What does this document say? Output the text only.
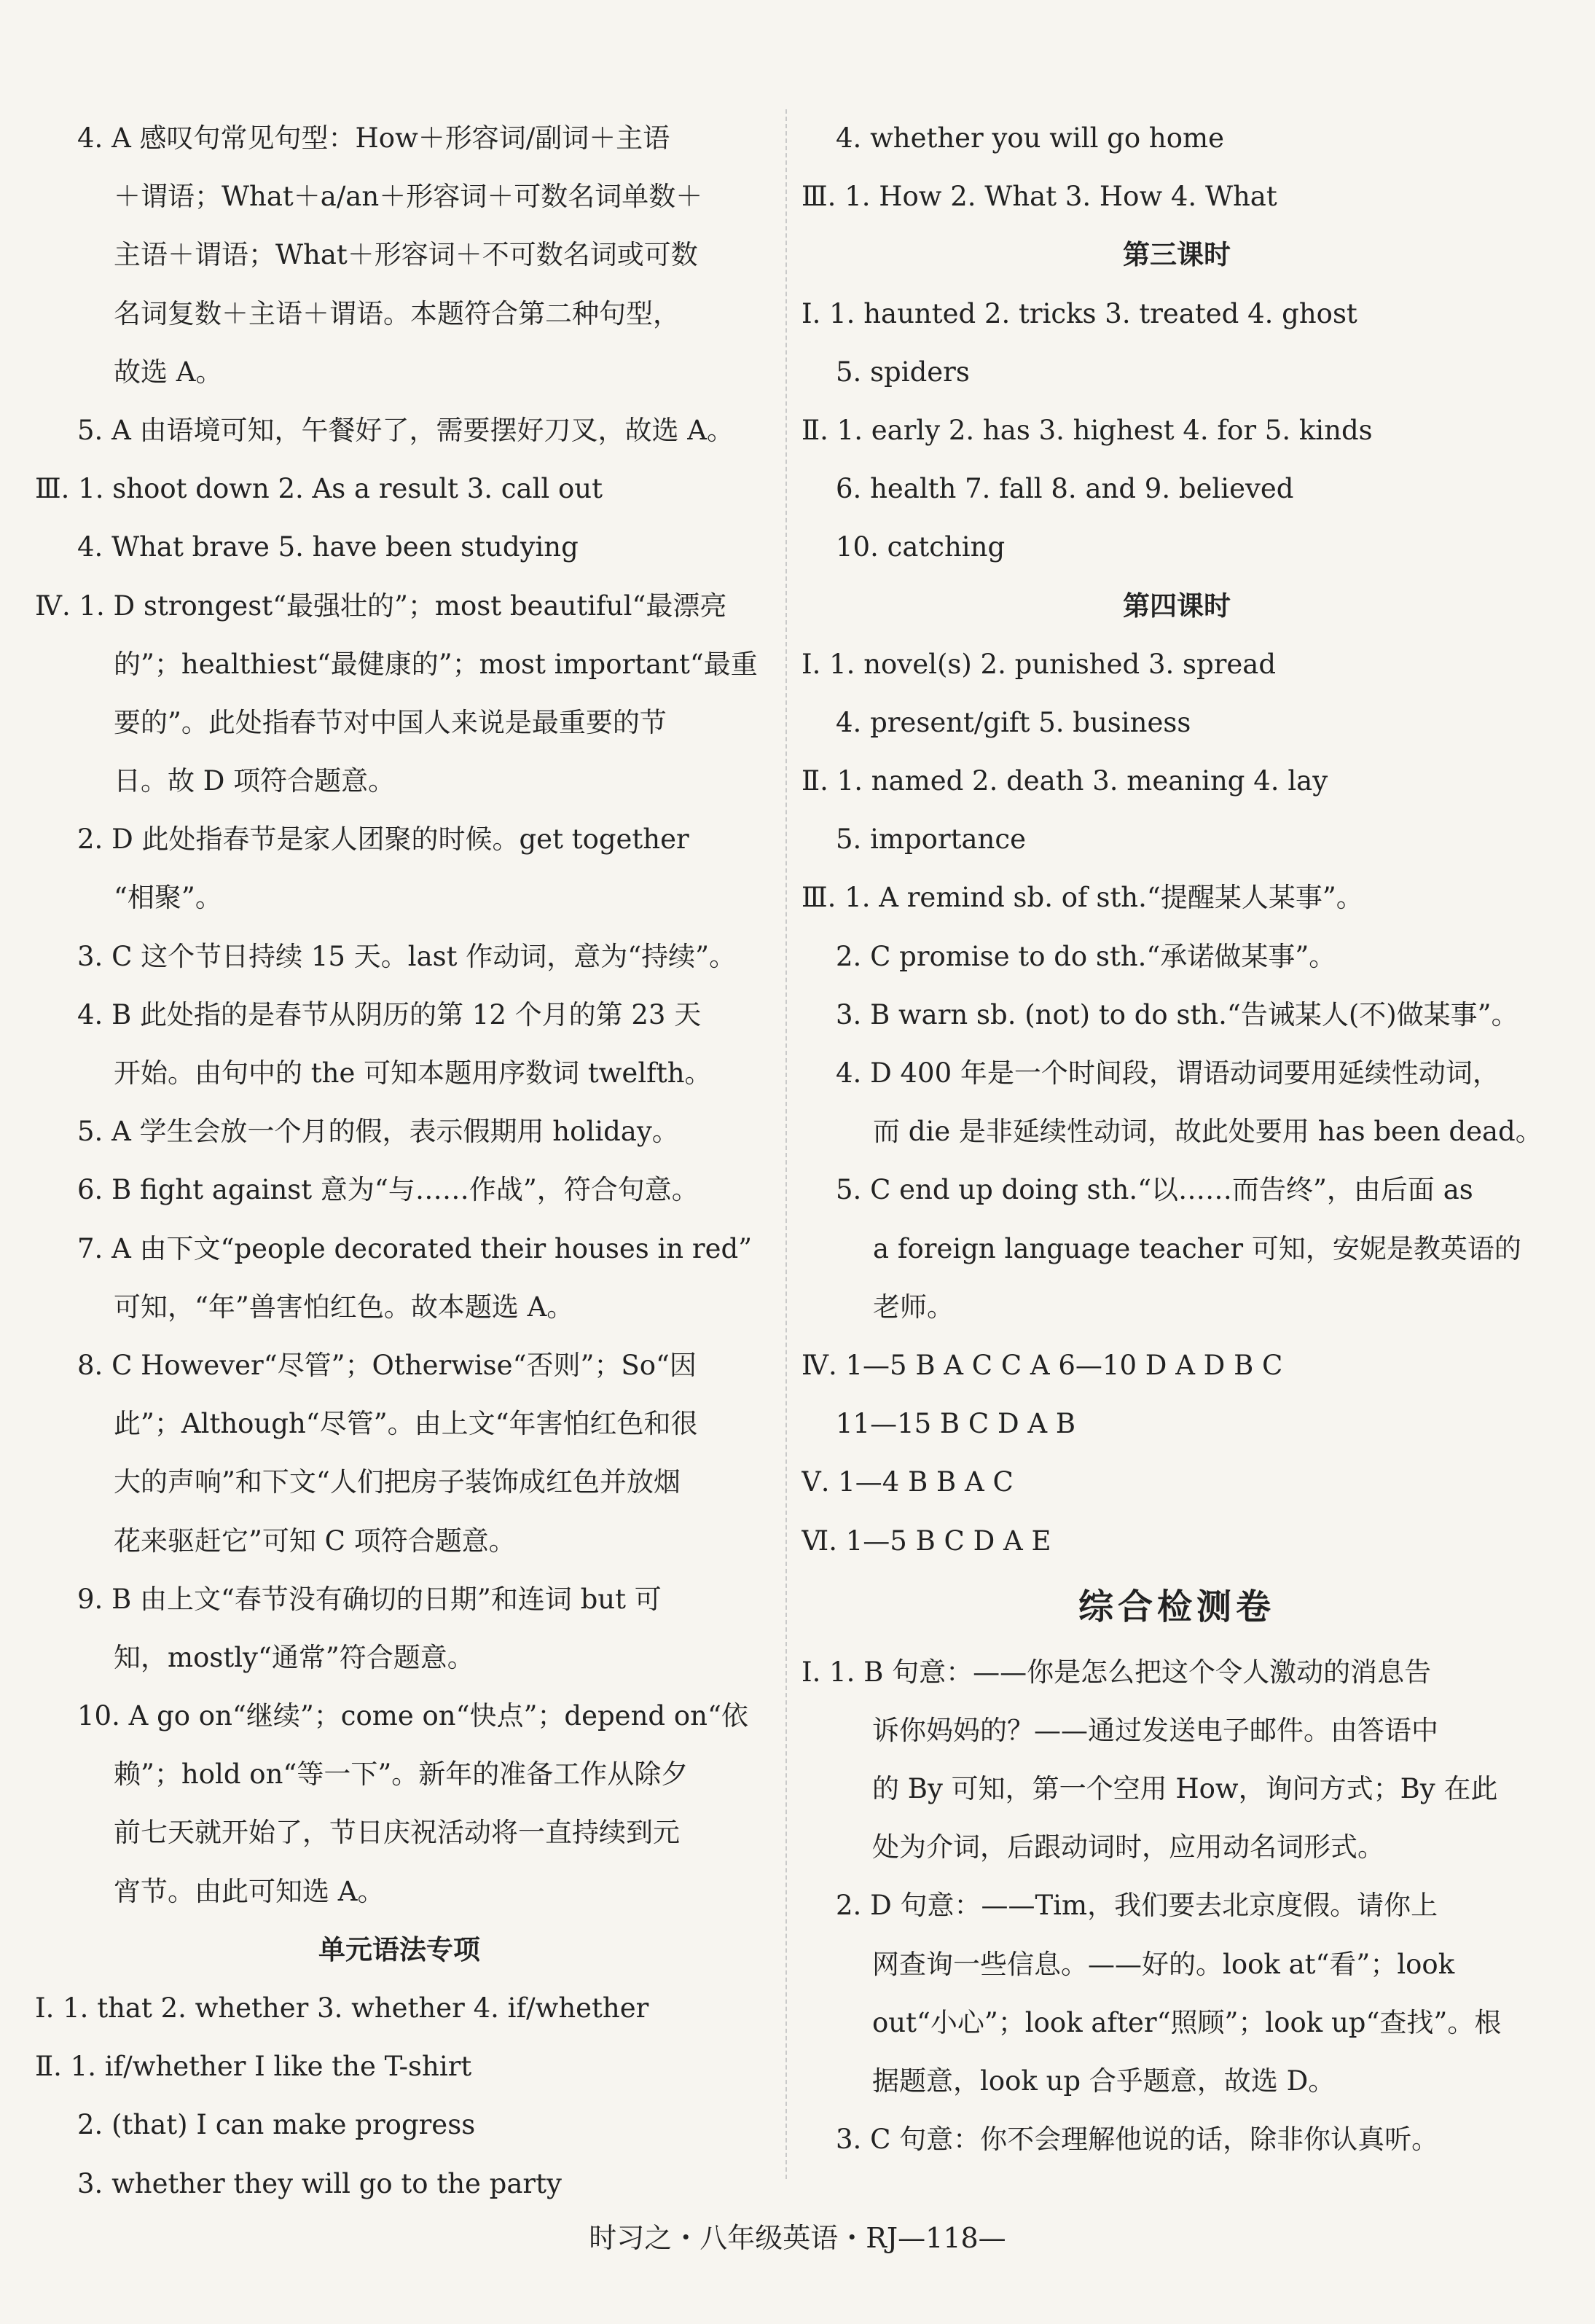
4. A 感叹句常见句型：How＋形容词/副词＋主语
＋谓语；What＋a/an＋形容词＋可数名词单数＋
主语＋谓语；What＋形容词＋不可数名词或可数
名词复数＋主语＋谓语。本题符合第二种句型，
故选 A。
5. A 由语境可知，午餐好了，需要摆好刀叉，故选 A。
Ⅲ. 1. shoot down 2. As a result 3. call out
4. What brave 5. have been studying
Ⅳ. 1. D strongest“最强壮的”；most beautiful“最漂亮
的”；healthiest“最健康的”；most important“最重
要的”。此处指春节对中国人来说是最重要的节
日。故 D 项符合题意。
2. D 此处指春节是家人团聚的时候。get together
“相聚”。
3. C 这个节日持续 15 天。last 作动词，意为“持续”。
4. B 此处指的是春节从阴历的第 12 个月的第 23 天
开始。由句中的 the 可知本题用序数词 twelfth。
5. A 学生会放一个月的假，表示假期用 holiday。
6. B fight against 意为“与……作战”，符合句意。
7. A 由下文“people decorated their houses in red”
可知，“年”兽害怕红色。故本题选 A。
8. C However“尽管”；Otherwise“否则”；So“因
此”；Although“尽管”。由上文“年害怕红色和很
大的声响”和下文“人们把房子装饰成红色并放烟
花来驱赶它”可知 C 项符合题意。
9. B 由上文“春节没有确切的日期”和连词 but 可
知，mostly“通常”符合题意。
10. A go on“继续”；come on“快点”；depend on“依
赖”；hold on“等一下”。新年的准备工作从除夕
前七天就开始了，节日庆祝活动将一直持续到元
宵节。由此可知选 A。
单元语法专项
Ⅰ. 1. that 2. whether 3. whether 4. if/whether
Ⅱ. 1. if/whether I like the T-shirt
2. (that) I can make progress
3. whether they will go to the party
4. whether you will go home
Ⅲ. 1. How 2. What 3. How 4. What
第三课时
Ⅰ. 1. haunted 2. tricks 3. treated 4. ghost
5. spiders
Ⅱ. 1. early 2. has 3. highest 4. for 5. kinds
6. health 7. fall 8. and 9. believed
10. catching
第四课时
Ⅰ. 1. novel(s) 2. punished 3. spread
4. present/gift 5. business
Ⅱ. 1. named 2. death 3. meaning 4. lay
5. importance
Ⅲ. 1. A remind sb. of sth.“提醒某人某事”。
2. C promise to do sth.“承诺做某事”。
3. B warn sb. (not) to do sth.“告诫某人(不)做某事”。
4. D 400 年是一个时间段，谓语动词要用延续性动词，
而 die 是非延续性动词，故此处要用 has been dead。
5. C end up doing sth.“以……而告终”，由后面 as
a foreign language teacher 可知，安妮是教英语的
老师。
Ⅳ. 1—5 B A C C A 6—10 D A D B C
11—15 B C D A B
Ⅴ. 1—4 B B A C
Ⅵ. 1—5 B C D A E
综合检测卷
Ⅰ. 1. B 句意：——你是怎么把这个令人激动的消息告
诉你妈妈的？——通过发送电子邮件。由答语中
的 By 可知，第一个空用 How，询问方式；By 在此
处为介词，后跟动词时，应用动名词形式。
2. D 句意：——Tim，我们要去北京度假。请你上
网查询一些信息。——好的。look at“看”；look
out“小心”；look after“照顾”；look up“查找”。根
据题意，look up 合乎题意，故选 D。
3. C 句意：你不会理解他说的话，除非你认真听。
时习之・八年级英语・RJ—118—
